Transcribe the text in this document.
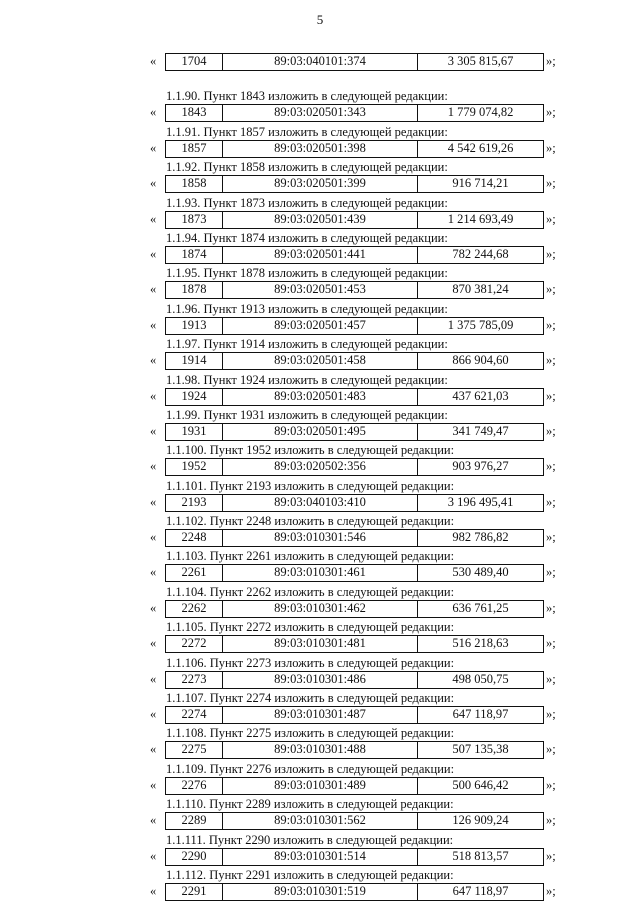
5
«	1704	89:03:040101:374	3 305 815,67	»;
1.1.90. Пункт 1843 изложить в следующей редакции:
«	1843	89:03:020501:343	1 779 074,82	»;
1.1.91. Пункт 1857 изложить в следующей редакции:
«	1857	89:03:020501:398	4 542 619,26	»;
1.1.92. Пункт 1858 изложить в следующей редакции:
«	1858	89:03:020501:399	916 714,21	»;
1.1.93. Пункт 1873 изложить в следующей редакции:
«	1873	89:03:020501:439	1 214 693,49	»;
1.1.94. Пункт 1874 изложить в следующей редакции:
«	1874	89:03:020501:441	782 244,68	»;
1.1.95. Пункт 1878 изложить в следующей редакции:
«	1878	89:03:020501:453	870 381,24	»;
1.1.96. Пункт 1913 изложить в следующей редакции:
«	1913	89:03:020501:457	1 375 785,09	»;
1.1.97. Пункт 1914 изложить в следующей редакции:
«	1914	89:03:020501:458	866 904,60	»;
1.1.98. Пункт 1924 изложить в следующей редакции:
«	1924	89:03:020501:483	437 621,03	»;
1.1.99. Пункт 1931 изложить в следующей редакции:
«	1931	89:03:020501:495	341 749,47	»;
1.1.100. Пункт 1952 изложить в следующей редакции:
«	1952	89:03:020502:356	903 976,27	»;
1.1.101. Пункт 2193 изложить в следующей редакции:
«	2193	89:03:040103:410	3 196 495,41	»;
1.1.102. Пункт 2248 изложить в следующей редакции:
«	2248	89:03:010301:546	982 786,82	»;
1.1.103. Пункт 2261 изложить в следующей редакции:
«	2261	89:03:010301:461	530 489,40	»;
1.1.104. Пункт 2262 изложить в следующей редакции:
«	2262	89:03:010301:462	636 761,25	»;
1.1.105. Пункт 2272 изложить в следующей редакции:
«	2272	89:03:010301:481	516 218,63	»;
1.1.106. Пункт 2273 изложить в следующей редакции:
«	2273	89:03:010301:486	498 050,75	»;
1.1.107. Пункт 2274 изложить в следующей редакции:
«	2274	89:03:010301:487	647 118,97	»;
1.1.108. Пункт 2275 изложить в следующей редакции:
«	2275	89:03:010301:488	507 135,38	»;
1.1.109. Пункт 2276 изложить в следующей редакции:
«	2276	89:03:010301:489	500 646,42	»;
1.1.110. Пункт 2289 изложить в следующей редакции:
«	2289	89:03:010301:562	126 909,24	»;
1.1.111. Пункт 2290 изложить в следующей редакции:
«	2290	89:03:010301:514	518 813,57	»;
1.1.112. Пункт 2291 изложить в следующей редакции:
«	2291	89:03:010301:519	647 118,97	»;
